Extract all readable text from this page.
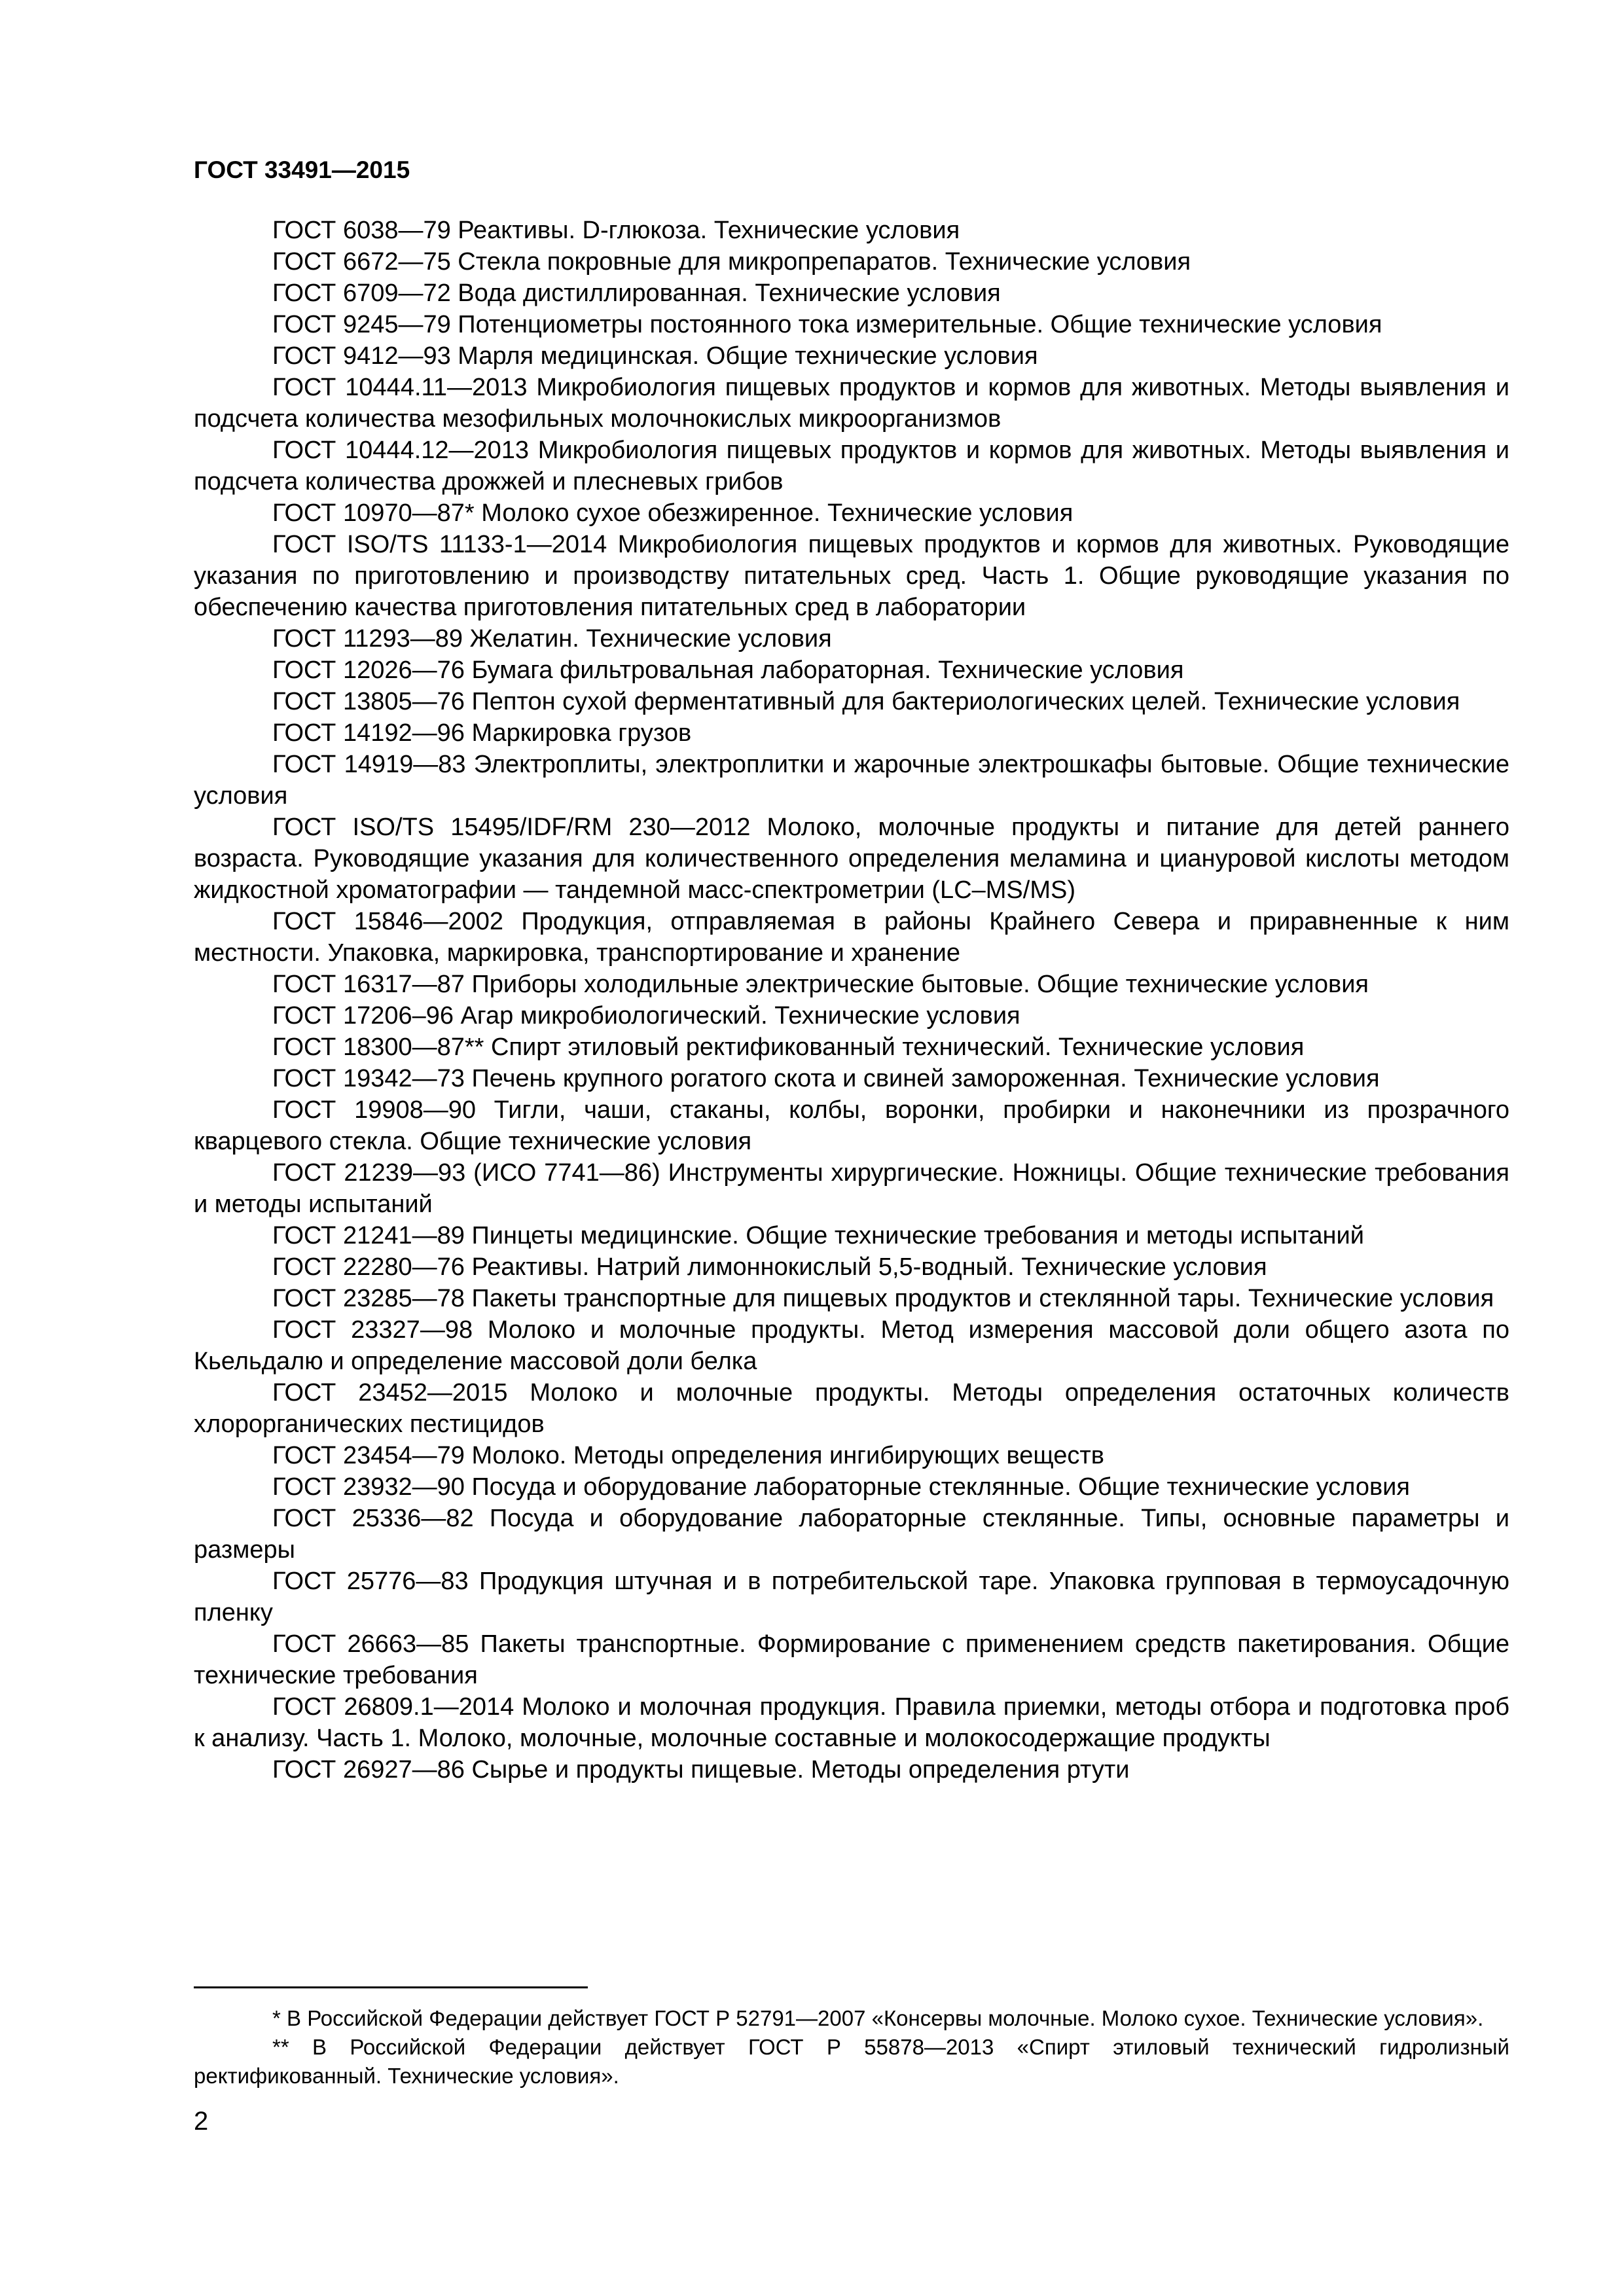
ГОСТ 33491—2015

ГОСТ 6038—79 Реактивы. D-глюкоза. Технические условия

ГОСТ 6672—75 Стекла покровные для микропрепаратов. Технические условия

ГОСТ 6709—72 Вода дистиллированная. Технические условия

ГОСТ 9245—79 Потенциометры постоянного тока измерительные. Общие технические условия

ГОСТ 9412—93 Марля медицинская. Общие технические условия

ГОСТ 10444.11—2013 Микробиология пищевых продуктов и кормов для животных. Методы выявления и подсчета количества мезофильных молочнокислых микроорганизмов

ГОСТ 10444.12—2013 Микробиология пищевых продуктов и кормов для животных. Методы выявления и подсчета количества дрожжей и плесневых грибов

ГОСТ 10970—87* Молоко сухое обезжиренное. Технические условия

ГОСТ ISO/TS 11133-1—2014 Микробиология пищевых продуктов и кормов для животных. Руководящие указания по приготовлению и производству питательных сред. Часть 1. Общие руководящие указания по обеспечению качества приготовления питательных сред в лаборатории

ГОСТ 11293—89 Желатин. Технические условия

ГОСТ 12026—76 Бумага фильтровальная лабораторная. Технические условия

ГОСТ 13805—76 Пептон сухой ферментативный для бактериологических целей. Технические условия

ГОСТ 14192—96 Маркировка грузов

ГОСТ 14919—83 Электроплиты, электроплитки и жарочные электрошкафы бытовые. Общие технические условия

ГОСТ ISO/TS 15495/IDF/RM 230—2012 Молоко, молочные продукты и питание для детей раннего возраста. Руководящие указания для количественного определения меламина и циануровой кислоты методом жидкостной хроматографии — тандемной масс-спектрометрии (LC–MS/MS)

ГОСТ 15846—2002 Продукция, отправляемая в районы Крайнего Севера и приравненные к ним местности. Упаковка, маркировка, транспортирование и хранение

ГОСТ 16317—87 Приборы холодильные электрические бытовые. Общие технические условия

ГОСТ 17206–96 Агар микробиологический. Технические условия

ГОСТ 18300—87** Спирт этиловый ректификованный технический. Технические условия

ГОСТ 19342—73 Печень крупного рогатого скота и свиней замороженная. Технические условия

ГОСТ 19908—90 Тигли, чаши, стаканы, колбы, воронки, пробирки и наконечники из прозрачного кварцевого стекла. Общие технические условия

ГОСТ 21239—93 (ИСО 7741—86) Инструменты хирургические. Ножницы. Общие технические требования и методы испытаний

ГОСТ 21241—89 Пинцеты медицинские. Общие технические требования и методы испытаний

ГОСТ 22280—76 Реактивы. Натрий лимоннокислый 5,5-водный. Технические условия

ГОСТ 23285—78 Пакеты транспортные для пищевых продуктов и стеклянной тары. Технические условия

ГОСТ 23327—98 Молоко и молочные продукты. Метод измерения массовой доли общего азота по Кьельдалю и определение массовой доли белка

ГОСТ 23452—2015 Молоко и молочные продукты. Методы определения остаточных количеств хлорорганических пестицидов

ГОСТ 23454—79 Молоко. Методы определения ингибирующих веществ

ГОСТ 23932—90 Посуда и оборудование лабораторные стеклянные. Общие технические условия

ГОСТ 25336—82 Посуда и оборудование лабораторные стеклянные. Типы, основные параметры и размеры

ГОСТ 25776—83 Продукция штучная и в потребительской таре. Упаковка групповая в термоусадочную пленку

ГОСТ 26663—85 Пакеты транспортные. Формирование с применением средств пакетирования. Общие технические требования

ГОСТ 26809.1—2014 Молоко и молочная продукция. Правила приемки, методы отбора и подготовка проб к анализу. Часть 1. Молоко, молочные, молочные составные и молокосодержащие продукты

ГОСТ 26927—86 Сырье и продукты пищевые. Методы определения ртути

* В Российской Федерации действует ГОСТ Р 52791—2007 «Консервы молочные. Молоко сухое. Технические условия».

** В Российской Федерации действует ГОСТ Р 55878—2013 «Спирт этиловый технический гидролизный ректификованный. Технические условия».

2
